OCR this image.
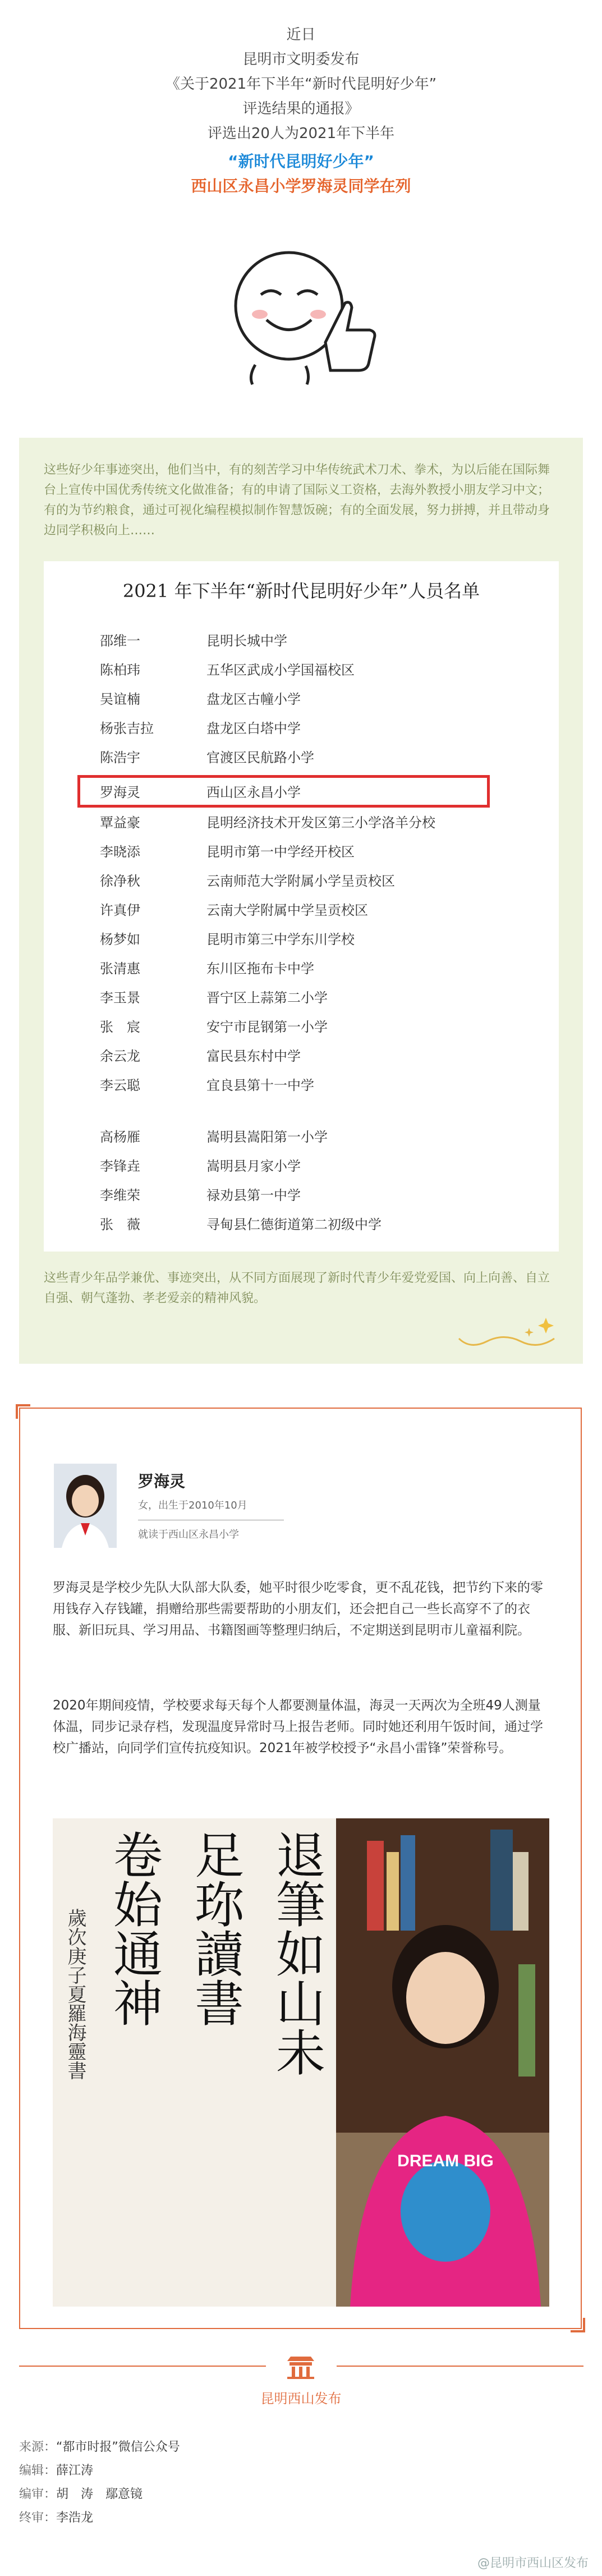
近日

昆明市文明委发布

《关于2021年下半年“新时代昆明好少年”

评选结果的通报》

评选出20人为2021年下半年

“新时代昆明好少年”

西山区永昌小学罗海灵同学在列

这些好少年事迹突出，他们当中，有的刻苦学习中华传统武术刀术、拳术，为以后能在国际舞台上宣传中国优秀传统文化做准备；有的申请了国际义工资格，去海外教授小朋友学习中文；有的为节约粮食，通过可视化编程模拟制作智慧饭碗；有的全面发展，努力拼搏，并且带动身边同学积极向上……
2021 年下半年“新时代昆明好少年”人员名单
邵维一	昆明长城中学
陈柏玮	五华区武成小学国福校区
吴谊楠	盘龙区古幢小学
杨张吉拉	盘龙区白塔中学
陈浩宇	官渡区民航路小学
罗海灵	西山区永昌小学
覃益豪	昆明经济技术开发区第三小学洛羊分校
李晓添	昆明市第一中学经开校区
徐净秋	云南师范大学附属小学呈贡校区
许真伊	云南大学附属中学呈贡校区
杨梦如	昆明市第三中学东川学校
张清惠	东川区拖布卡中学
李玉景	晋宁区上蒜第二小学
张　宸	安宁市昆钢第一小学
余云龙	富民县东村中学
李云聪	宜良县第十一中学
高杨雁	嵩明县嵩阳第一小学
李锋垚	嵩明县月家小学
李维荣	禄劝县第一中学
张　薇	寻甸县仁德街道第二初级中学
这些青少年品学兼优、事迹突出，从不同方面展现了新时代青少年爱党爱国、向上向善、自立自强、朝气蓬勃、孝老爱亲的精神风貌。
罗海灵
女，出生于2010年10月
就读于西山区永昌小学
罗海灵是学校少先队大队部大队委，她平时很少吃零食，更不乱花钱，把节约下来的零用钱存入存钱罐，捐赠给那些需要帮助的小朋友们，还会把自己一些长高穿不了的衣服、新旧玩具、学习用品、书籍图画等整理归纳后，不定期送到昆明市儿童福利院。
2020年期间疫情，学校要求每天每个人都要测量体温，海灵一天两次为全班49人测量体温，同步记录存档，发现温度异常时马上报告老师。同时她还利用午饭时间，通过学校广播站，向同学们宣传抗疫知识。2021年被学校授予“永昌小雷锋”荣誉称号。
DREAM BIG
退筆如山未
足珎讀書
卷始通神
歲次庚子夏羅海靈書
昆明西山发布
来源：“都市时报”微信公众号
编辑：薛江涛
编审：胡　涛　鄢意镜
终审：李浩龙
@昆明市西山区发布
